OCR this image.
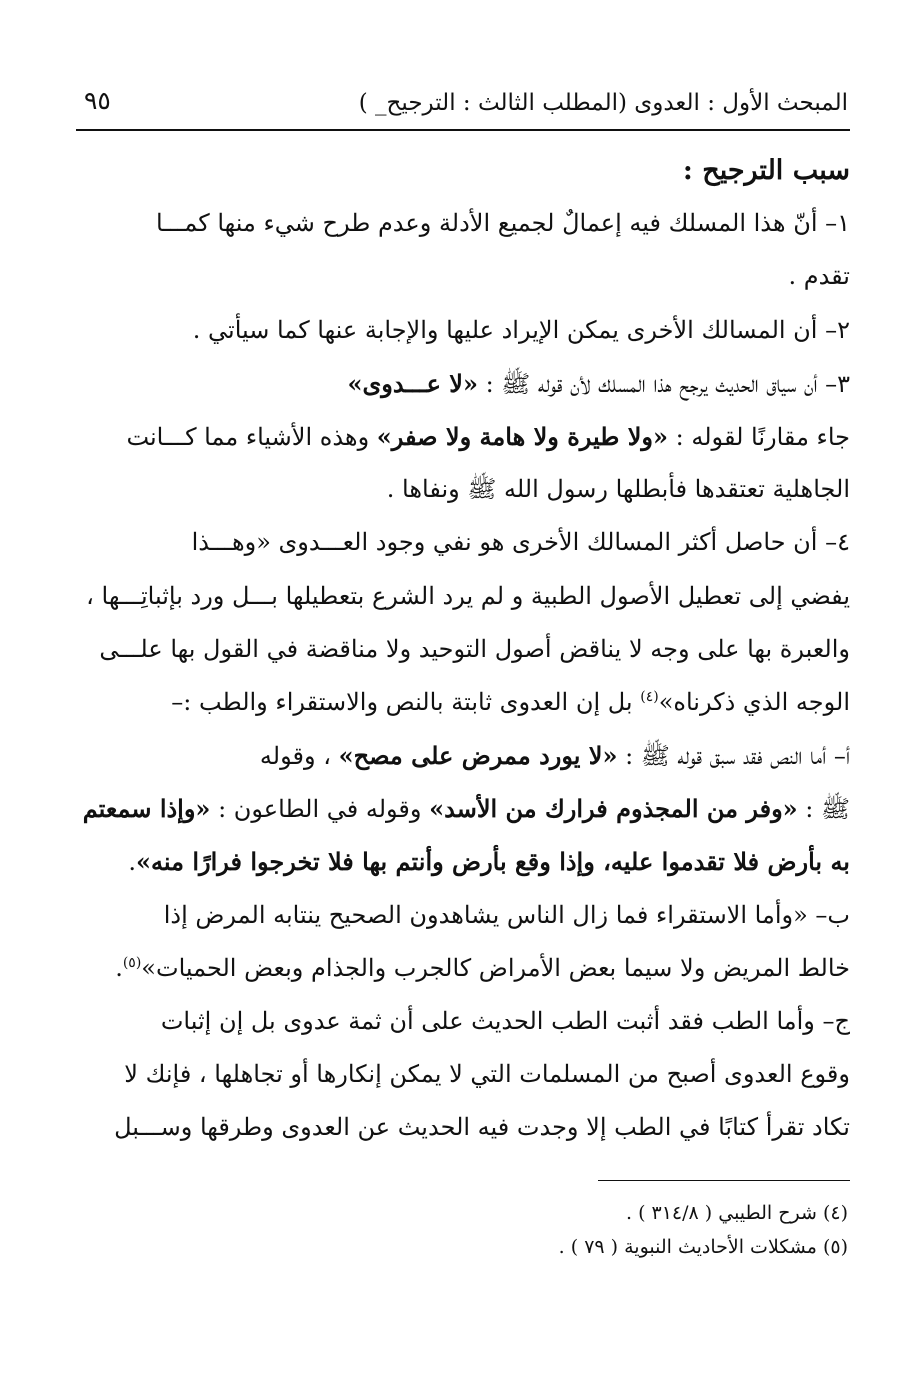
المبحث الأول : العدوى (المطلب الثالث : الترجيح_ )
٩٥
سبب الترجيح :
١– أنّ هذا المسلك فيه إعمالٌ لجميع الأدلة وعدم طرح شيء منها كمـــا
تقدم .
٢– أن المسالك الأخرى يمكن الإيراد عليها والإجابة عنها كما سيأتي .
٣– أن سياق الحديث يرجح هذا المسلك لأن قوله ﷺ : «لا عـــدوى»
جاء مقارنًا لقوله : «ولا طيرة ولا هامة ولا صفر» وهذه الأشياء مما كـــانت
الجاهلية تعتقدها فأبطلها رسول الله ﷺ ونفاها .
٤– أن حاصل أكثر المسالك الأخرى هو نفي وجود العـــدوى «وهـــذا
يفضي إلى تعطيل الأصول الطبية و لم يرد الشرع بتعطيلها بـــل ورد بإثباتِـــها ،
والعبرة بها على وجه لا يناقض أصول التوحيد ولا مناقضة في القول بها علـــى
الوجه الذي ذكرناه»$^{(٤)}$ بل إن العدوى ثابتة بالنص والاستقراء والطب :–
أ– أما النص فقد سبق قوله ﷺ : «لا يورد ممرض على مصح» ، وقوله
ﷺ : «وفر من المجذوم فرارك من الأسد» وقوله في الطاعون : «وإذا سمعتم
به بأرض فلا تقدموا عليه، وإذا وقع بأرض وأنتم بها فلا تخرجوا فرارًا منه».
ب– «وأما الاستقراء فما زال الناس يشاهدون الصحيح ينتابه المرض إذا
خالط المريض ولا سيما بعض الأمراض كالجرب والجذام وبعض الحميات»$^{(٥)}$.
ج– وأما الطب فقد أثبت الطب الحديث على أن ثمة عدوى بل إن إثبات
وقوع العدوى أصبح من المسلمات التي لا يمكن إنكارها أو تجاهلها ، فإنك لا
تكاد تقرأ كتابًا في الطب إلا وجدت فيه الحديث عن العدوى وطرقها وســـبل
(٤) شرح الطيبي ( ٣١٤/٨ ) .
(٥) مشكلات الأحاديث النبوية ( ٧٩ ) .
